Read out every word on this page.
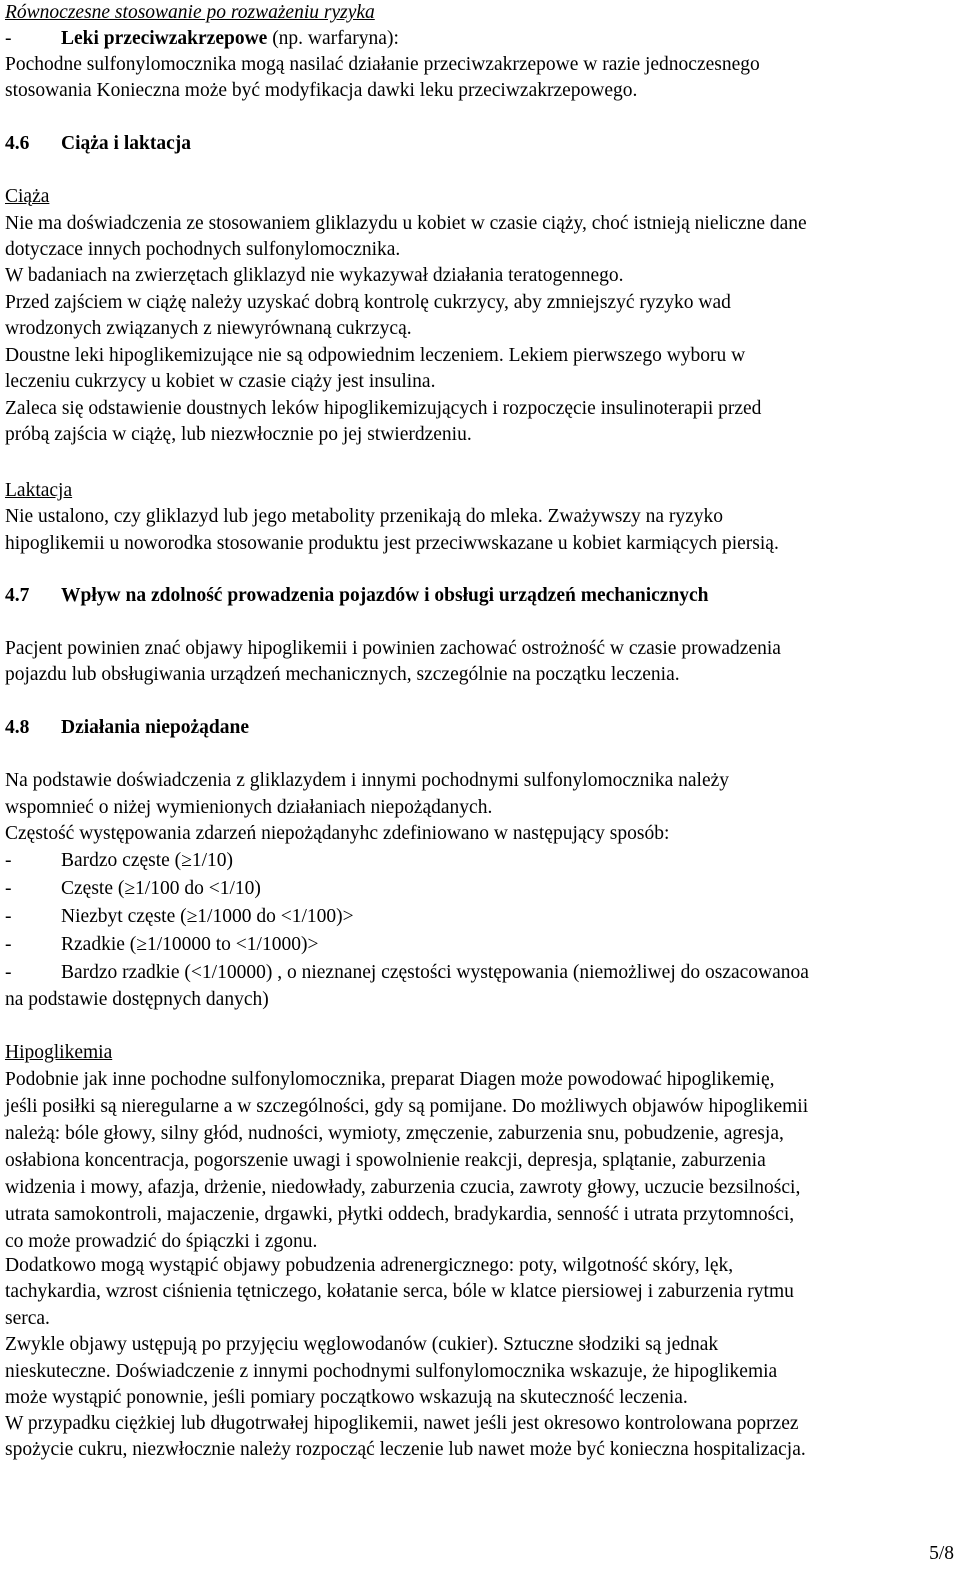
Równoczesne stosowanie po rozważeniu ryzyka
-	Leki przeciwzakrzepowe (np. warfaryna):
Pochodne sulfonylomocznika mogą nasilać działanie przeciwzakrzepowe w razie jednoczesnego
stosowania Konieczna może być modyfikacja dawki leku przeciwzakrzepowego.
4.6 Ciąża i laktacja
Ciąża
Nie ma doświadczenia ze stosowaniem gliklazydu u kobiet w czasie ciąży, choć istnieją nieliczne dane
dotyczace innych pochodnych sulfonylomocznika.
W badaniach na zwierzętach gliklazyd nie wykazywał działania teratogennego.
Przed zajściem w ciążę należy uzyskać dobrą kontrolę cukrzycy, aby zmniejszyć ryzyko wad
wrodzonych związanych z niewyrównaną cukrzycą.
Doustne leki hipoglikemizujące nie są odpowiednim leczeniem. Lekiem pierwszego wyboru w
leczeniu cukrzycy u kobiet w czasie ciąży jest insulina.
Zaleca się odstawienie doustnych leków hipoglikemizujących i rozpoczęcie insulinoterapii przed
próbą zajścia w ciążę, lub niezwłocznie po jej stwierdzeniu.
Laktacja
Nie ustalono, czy gliklazyd lub jego metabolity przenikają do mleka. Zważywszy na ryzyko
hipoglikemii u noworodka stosowanie produktu jest przeciwwskazane u kobiet karmiących piersią.
4.7 Wpływ na zdolność prowadzenia pojazdów i obsługi urządzeń mechanicznych
Pacjent powinien znać objawy hipoglikemii i powinien zachować ostrożność w czasie prowadzenia
pojazdu lub obsługiwania urządzeń mechanicznych, szczególnie na początku leczenia.
4.8 Działania niepożądane
Na podstawie doświadczenia z gliklazydem i innymi pochodnymi sulfonylomocznika należy
wspomnieć o niżej wymienionych działaniach niepożądanych.
Częstość występowania zdarzeń niepożądanyhc zdefiniowano w następujący sposób:
-	Bardzo częste (≥1/10)
-	Częste (≥1/100 do <1/10)
-	Niezbyt częste (≥1/1000 do <1/100)>
-	Rzadkie (≥1/10000 to <1/1000)>
-	Bardzo rzadkie (<1/10000) , o nieznanej częstości występowania (niemożliwej do oszacowanoa
na podstawie dostępnych danych)
Hipoglikemia
Podobnie jak inne pochodne sulfonylomocznika, preparat Diagen może powodować hipoglikemię,
jeśli posiłki są nieregularne a w szczególności, gdy są pomijane. Do możliwych objawów hipoglikemii
należą: bóle głowy, silny głód, nudności, wymioty, zmęczenie, zaburzenia snu, pobudzenie, agresja,
osłabiona koncentracja, pogorszenie uwagi i spowolnienie reakcji, depresja, splątanie, zaburzenia
widzenia i mowy, afazja, drżenie, niedowłady, zaburzenia czucia, zawroty głowy, uczucie bezsilności,
utrata samokontroli, majaczenie, drgawki, płytki oddech, bradykardia, senność i utrata przytomności,
co może prowadzić do śpiączki i zgonu.
Dodatkowo mogą wystąpić objawy pobudzenia adrenergicznego: poty, wilgotność skóry, lęk,
tachykardia, wzrost ciśnienia tętniczego, kołatanie serca, bóle w klatce piersiowej i zaburzenia rytmu
serca.
Zwykle objawy ustępują po przyjęciu węglowodanów (cukier). Sztuczne słodziki są jednak
nieskuteczne. Doświadczenie z innymi pochodnymi sulfonylomocznika wskazuje, że hipoglikemia
może wystąpić ponownie, jeśli pomiary początkowo wskazują na skuteczność leczenia.
W przypadku ciężkiej lub długotrwałej hipoglikemii, nawet jeśli jest okresowo kontrolowana poprzez
spożycie cukru, niezwłocznie należy rozpocząć leczenie lub nawet może być konieczna hospitalizacja.
5/8
